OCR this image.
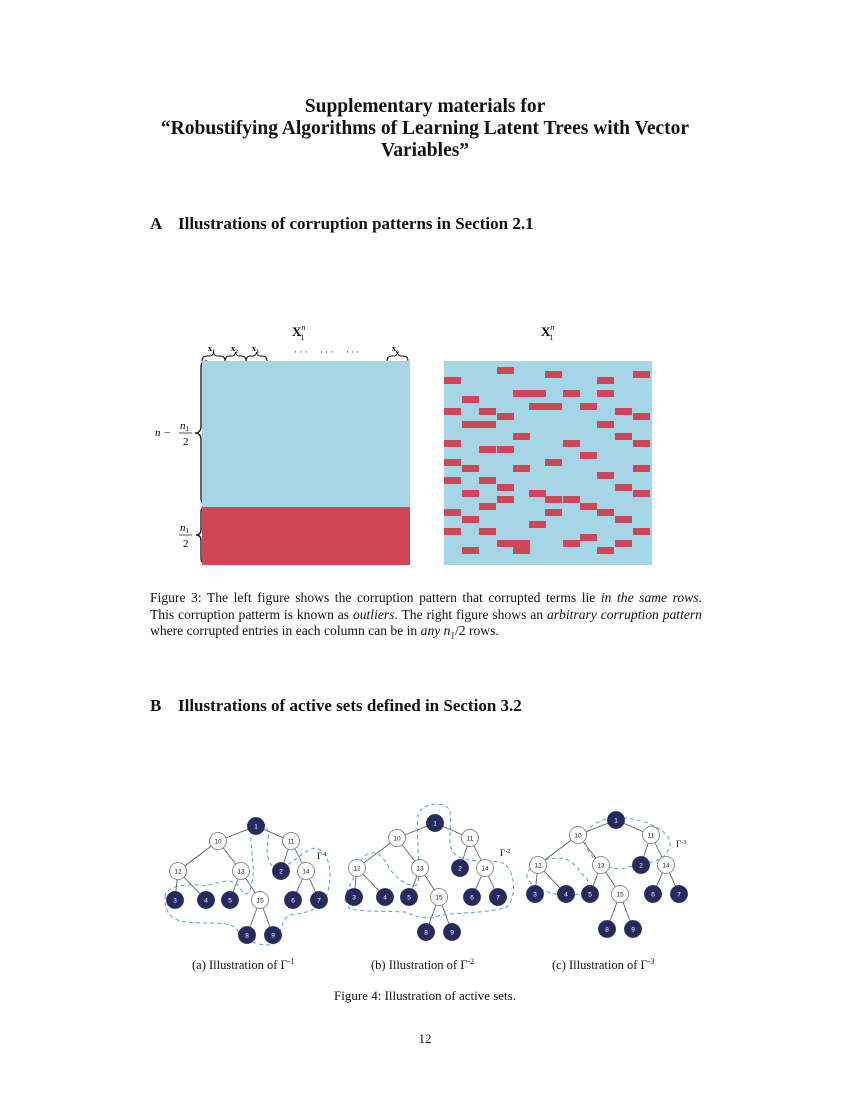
Supplementary materials for
“Robustifying Algorithms of Learning Latent Trees with Vector
Variables”
A Illustrations of corruption patterns in Section 2.1
$X^n$ 1	$X^n$ 1
$x_1$ $x_2$ $x_3$	· · · · · · · · ·	$x_o$
n −
n1
2
n1
2
Figure 3: The left figure shows the corruption pattern that corrupted terms lie in the same rows.
This corruption patterm is known as outliers. The right figure shows an arbitrary corruption pattern
where corrupted entries in each column can be in any $n_1/2$ rows.
B Illustrations of active sets defined in Section 3.2
1
10	11
12	13	2	14
3	4	5	15	6	7
8	9
1
10	11
12	13	2	14
3	4	5	15	6	7
8	9
1
10	11
12	13	2	14
3	4	5	15	6	7
8	9
$\Gamma^{-1}$	$\Gamma^{-2}$
$\Gamma^{-3}$
(a) Illustration of $\Gamma^{-1}$	(b) Illustration of $\Gamma^{-2}$	(c) Illustration of $\Gamma^{-3}$
Figure 4: Illustration of active sets.
12
